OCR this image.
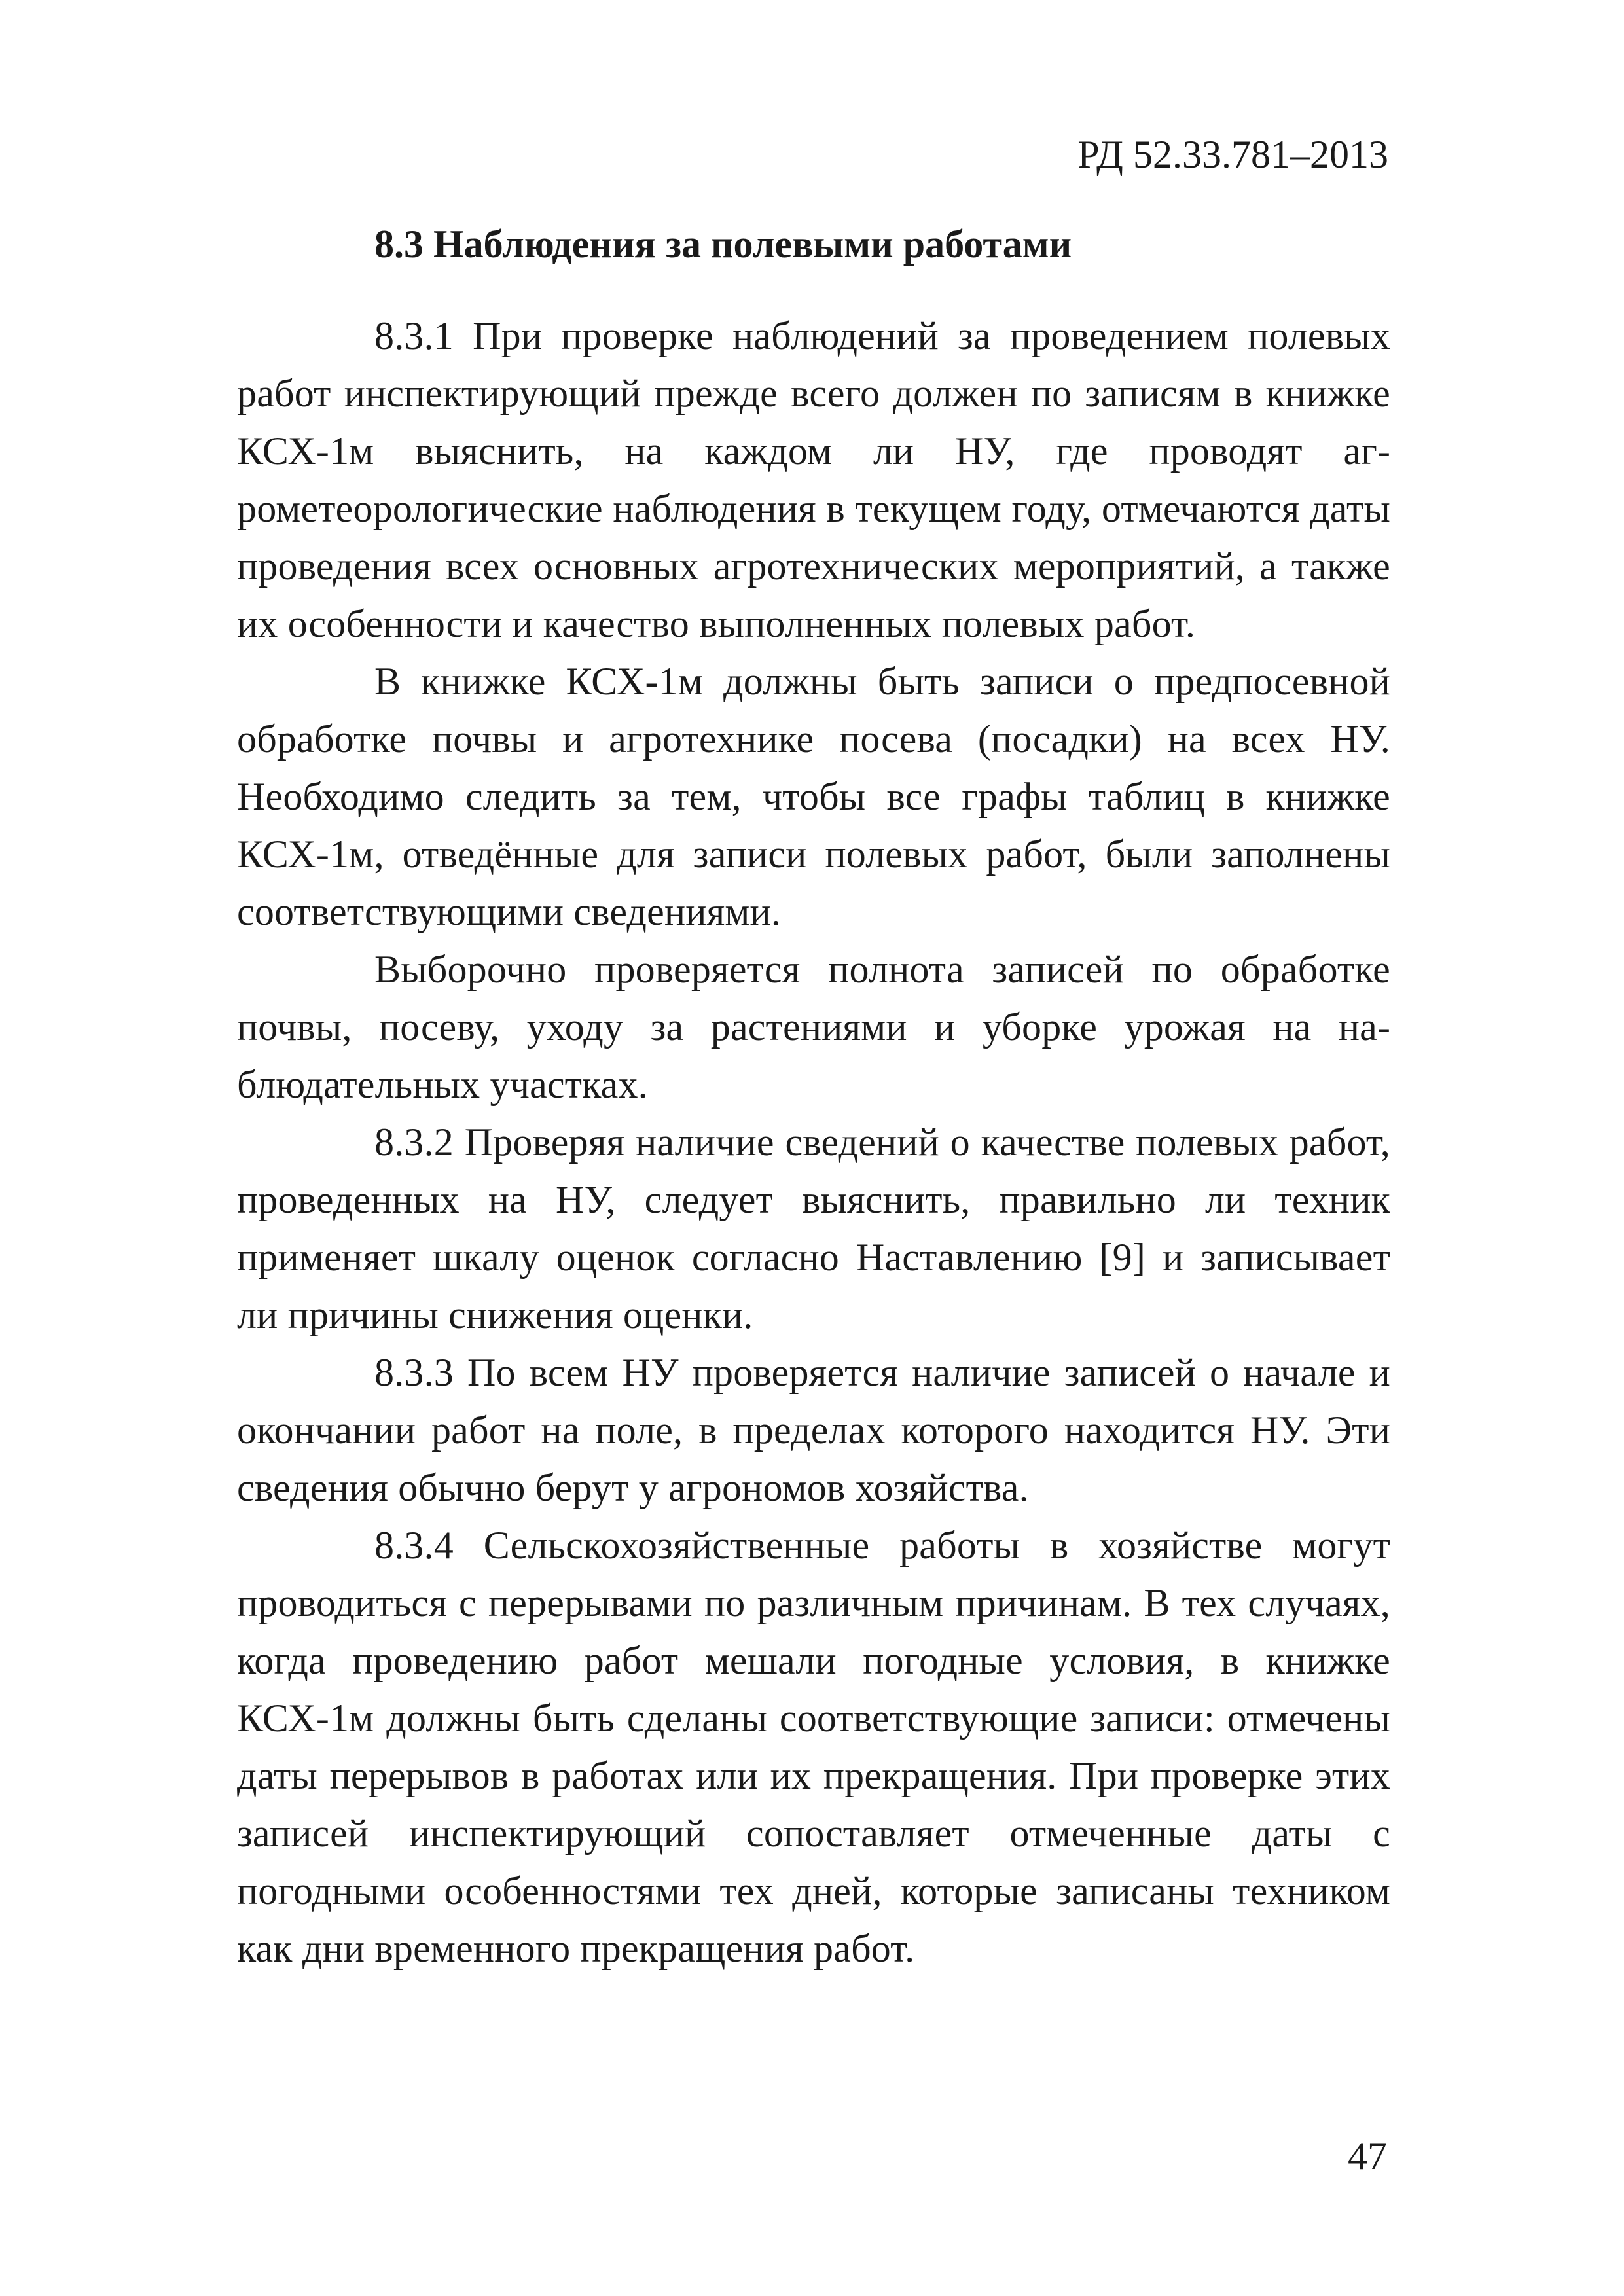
РД 52.33.781–2013
8.3 Наблюдения за полевыми работами

8.3.1 При проверке наблюдений за проведением полевых работ инспектирующий прежде всего должен по записям в книжке КСХ-1м выяснить, на каждом ли НУ, где проводят агрометеорологические наблюдения в текущем году, отмечаются даты проведения всех основных агротехнических мероприятий, а также их особенности и качество выполненных полевых работ.

В книжке КСХ-1м должны быть записи о предпосевной обработке почвы и агротехнике посева (посадки) на всех НУ. Необходимо следить за тем, чтобы все графы таблиц в книжке КСХ-1м, отведённые для записи полевых работ, были заполнены соответствующими сведениями.

Выборочно проверяется полнота записей по обработке почвы, посеву, уходу за растениями и уборке урожая на наблюдательных участках.

8.3.2 Проверяя наличие сведений о качестве полевых работ, проведенных на НУ, следует выяснить, правильно ли техник применяет шкалу оценок согласно Наставлению [9] и записывает ли причины снижения оценки.

8.3.3 По всем НУ проверяется наличие записей о начале и окончании работ на поле, в пределах которого находится НУ. Эти сведения обычно берут у агрономов хозяйства.

8.3.4 Сельскохозяйственные работы в хозяйстве могут проводиться с перерывами по различным причинам. В тех случаях, когда проведению работ мешали погодные условия, в книжке КСХ-1м должны быть сделаны соответствующие записи: отмечены даты перерывов в работах или их прекращения. При проверке этих записей инспектирующий сопоставляет отмеченные даты с погодными особенностями тех дней, которые записаны техником как дни временного прекращения работ.

47
